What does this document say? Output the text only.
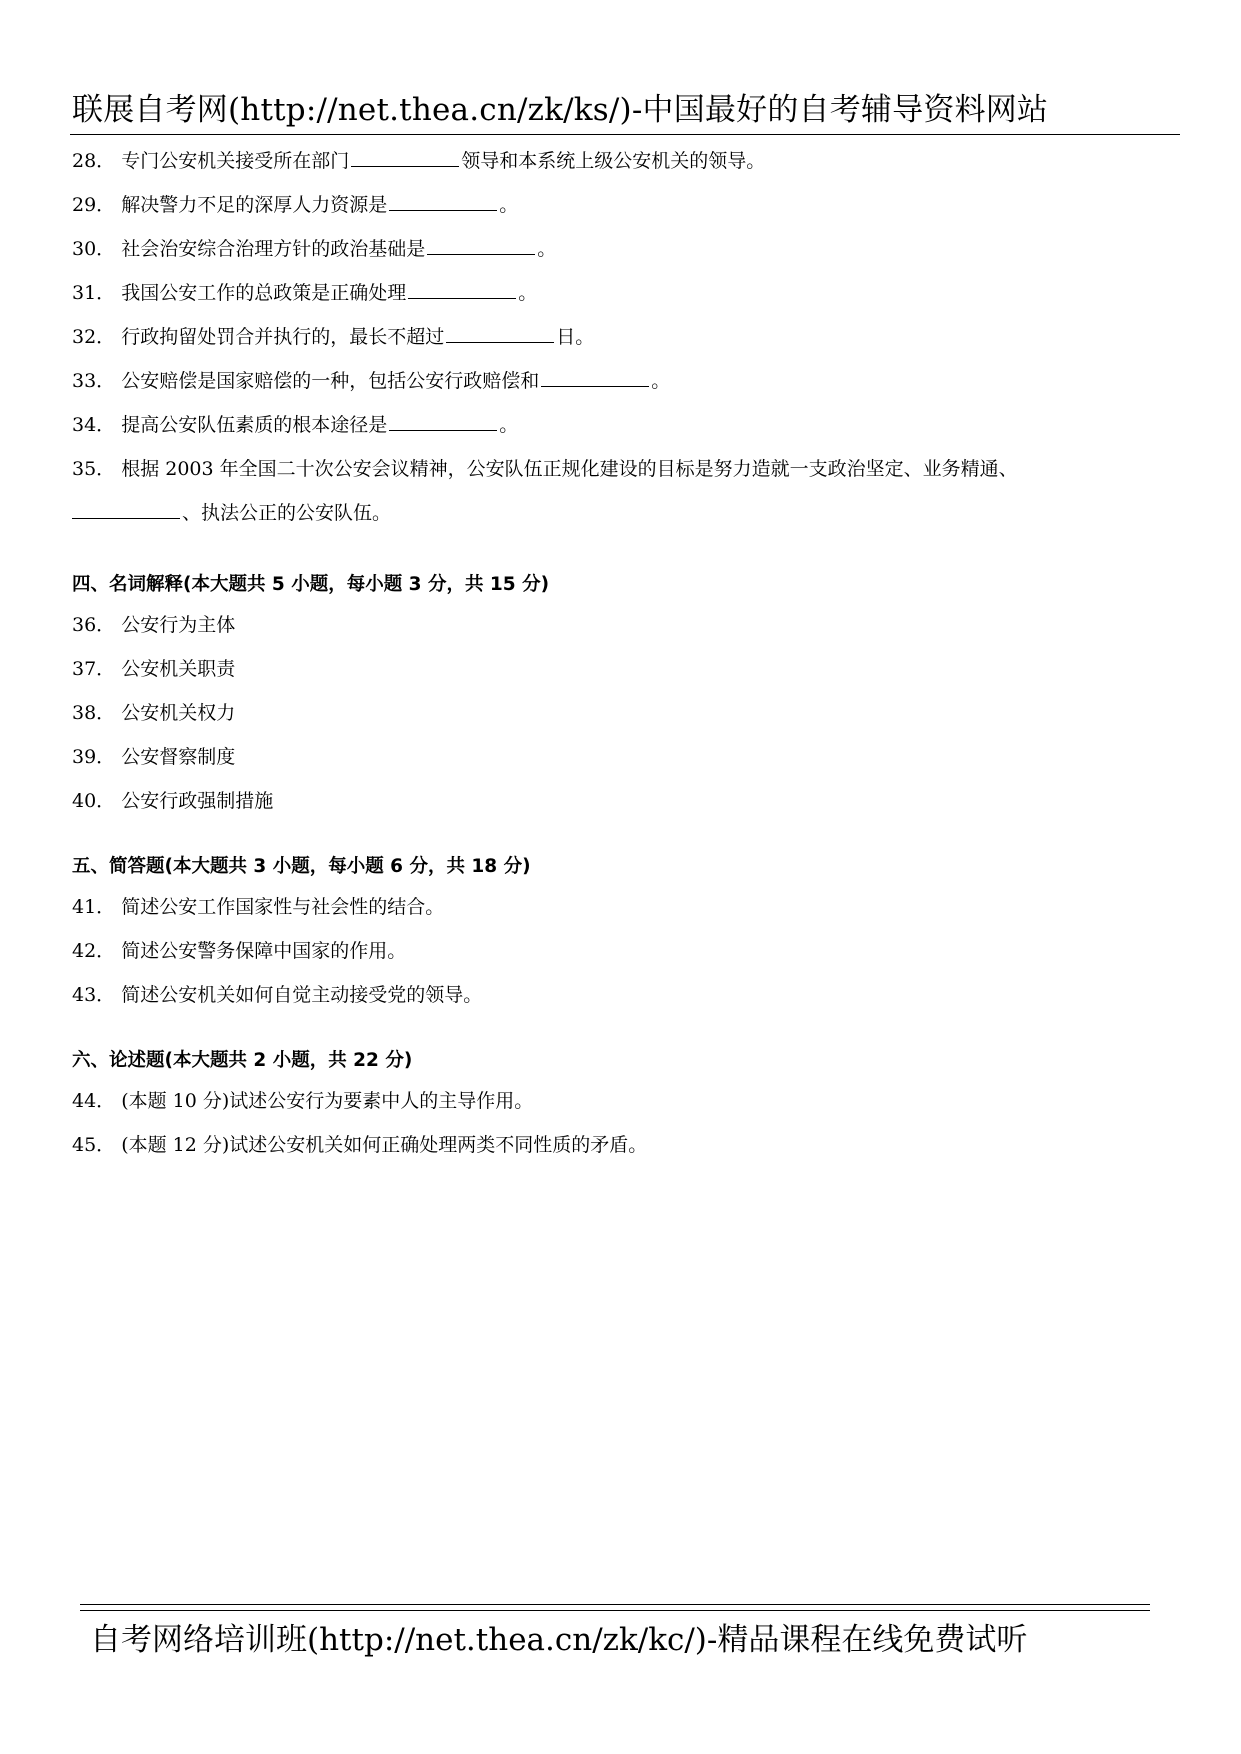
联展自考网(http://net.thea.cn/zk/ks/)-中国最好的自考辅导资料网站
28． 专门公安机关接受所在部门	领导和本系统上级公安机关的领导。
29． 解决警力不足的深厚人力资源是	。
30． 社会治安综合治理方针的政治基础是	。
31． 我国公安工作的总政策是正确处理	。
32． 行政拘留处罚合并执行的，最长不超过	日。
33． 公安赔偿是国家赔偿的一种，包括公安行政赔偿和	。
34． 提高公安队伍素质的根本途径是	。
35． 根据 2003 年全国二十次公安会议精神，公安队伍正规化建设的目标是努力造就一支政治坚定、业务精通、
、执法公正的公安队伍。
四、名词解释(本大题共 5 小题，每小题 3 分，共 15 分)
36． 公安行为主体
37． 公安机关职责
38． 公安机关权力
39． 公安督察制度
40． 公安行政强制措施
五、简答题(本大题共 3 小题，每小题 6 分，共 18 分)
41． 简述公安工作国家性与社会性的结合。
42． 简述公安警务保障中国家的作用。
43． 简述公安机关如何自觉主动接受党的领导。
六、论述题(本大题共 2 小题，共 22 分)
44． (本题 10 分)试述公安行为要素中人的主导作用。
45． (本题 12 分)试述公安机关如何正确处理两类不同性质的矛盾。
自考网络培训班(http://net.thea.cn/zk/kc/)-精品课程在线免费试听
